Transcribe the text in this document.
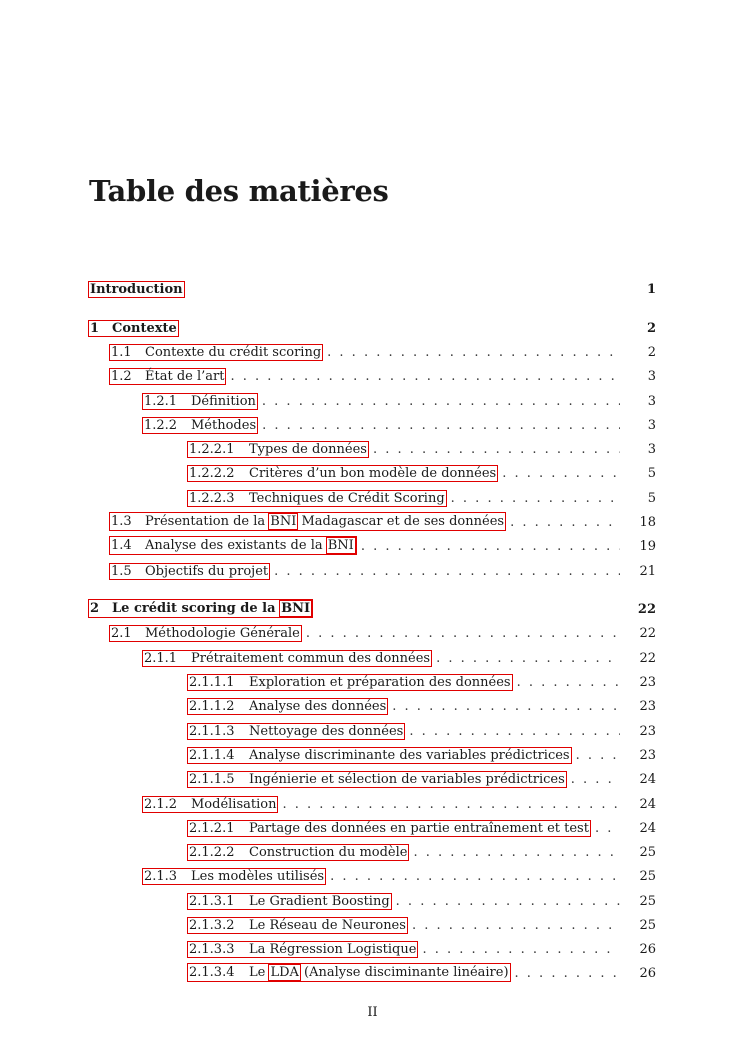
Table des matières
Introduction	1
1 Contexte	2
1.1 Contexte du crédit scoring . . .	2
1.2 État de l’art . . .	3
1.2.1 Définition . . .	3
1.2.2 Méthodes . . .	3
1.2.2.1 Types de données . . .	3
1.2.2.2 Critères d’un bon modèle de données . . .	5
1.2.2.3 Techniques de Crédit Scoring . . .	5
1.3 Présentation de la BNI Madagascar et de ses données . . .	18
1.4 Analyse des existants de la BNI . . .	19
1.5 Objectifs du projet . . .	21
2 Le crédit scoring de la BNI	22
2.1 Méthodologie Générale . . .	22
2.1.1 Prétraitement commun des données . . .	22
2.1.1.1 Exploration et préparation des données . . .	23
2.1.1.2 Analyse des données . . .	23
2.1.1.3 Nettoyage des données . . .	23
2.1.1.4 Analyse discriminante des variables prédictrices . . .	23
2.1.1.5 Ingénierie et sélection de variables prédictrices . . .	24
2.1.2 Modélisation . . .	24
2.1.2.1 Partage des données en partie entraînement et test . . .	24
2.1.2.2 Construction du modèle . . .	25
2.1.3 Les modèles utilisés . . .	25
2.1.3.1 Le Gradient Boosting . . .	25
2.1.3.2 Le Réseau de Neurones . . .	25
2.1.3.3 La Régression Logistique . . .	26
2.1.3.4 Le LDA (Analyse disciminante linéaire) . . .	26
II
